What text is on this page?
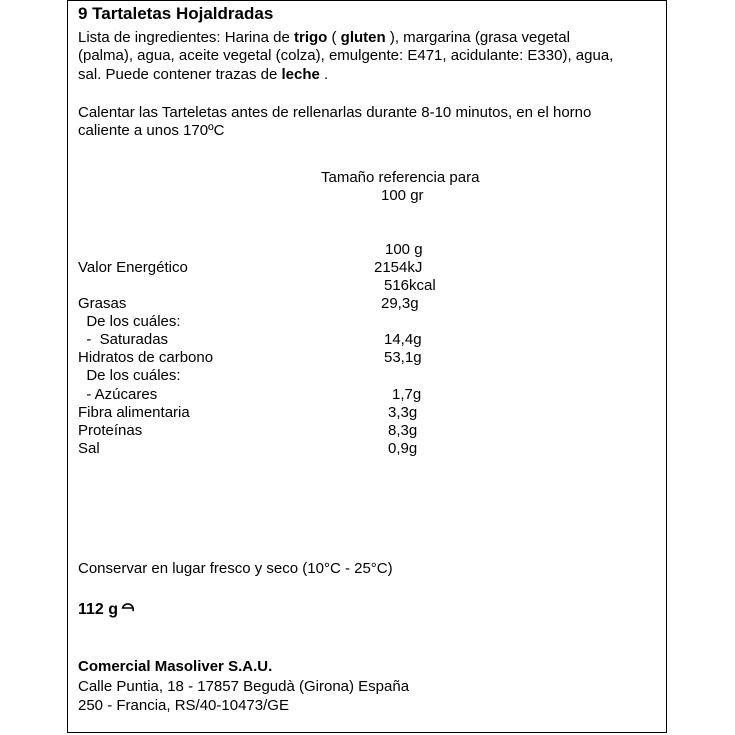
9 Tartaletas Hojaldradas
Lista de ingredientes: Harina de trigo ( gluten ), margarina (grasa vegetal
(palma), agua, aceite vegetal (colza), emulgente: E471, acidulante: E330), agua,
sal. Puede contener trazas de leche .
Calentar las Tarteletas antes de rellenarlas durante 8-10 minutos, en el horno
caliente a unos 170ºC
Tamaño referencia para
100 gr
100 g
Valor Energético	2154kJ
516kcal
Grasas	29,3g
De los cuáles:
-  Saturadas	14,4g
Hidratos de carbono	53,1g
De los cuáles:
- Azúcares	1,7g
Fibra alimentaria	3,3g
Proteínas	8,3g
Sal	0,9g
Conservar en lugar fresco y seco (10°C - 25°C)
112 g
Comercial Masoliver S.A.U.
Calle Puntia, 18 - 17857 Begudà (Girona) España
250 - Francia, RS/40-10473/GE
